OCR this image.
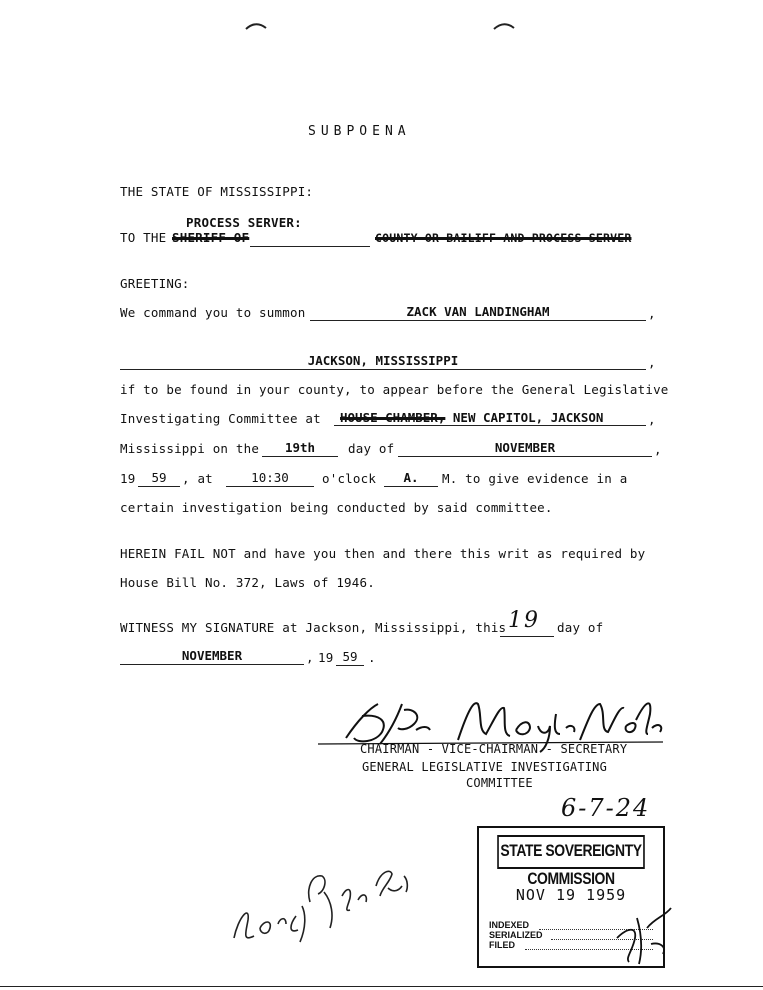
SUBPOENA
THE STATE OF MISSISSIPPI:
PROCESS SERVER:
TO THE SHERIFF OF	COUNTY OR BAILIFF AND PROCESS SERVER
GREETING:
We command you to summon	ZACK VAN LANDINGHAM	,
JACKSON, MISSISSIPPI	,
if to be found in your county, to appear before the General Legislative
Investigating Committee at	HOUSE CHAMBER, NEW CAPITOL, JACKSON	,
Mississippi on the	19th	day of	NOVEMBER	,
19	59	, at	10:30	o'clock	A.	M. to give evidence in a
certain investigation being conducted by said committee.
HEREIN FAIL NOT and have you then and there this writ as required by
House Bill No. 372, Laws of 1946.
WITNESS MY SIGNATURE at Jackson, Mississippi, this 19 day of
NOVEMBER	, 19 59 .
CHAIRMAN - VICE-CHAIRMAN - SECRETARY
GENERAL LEGISLATIVE INVESTIGATING
COMMITTEE
6-7-24
STATE SOVEREIGNTY COMMISSION
NOV 19 1959
INDEXED
SERIALIZED
FILED
